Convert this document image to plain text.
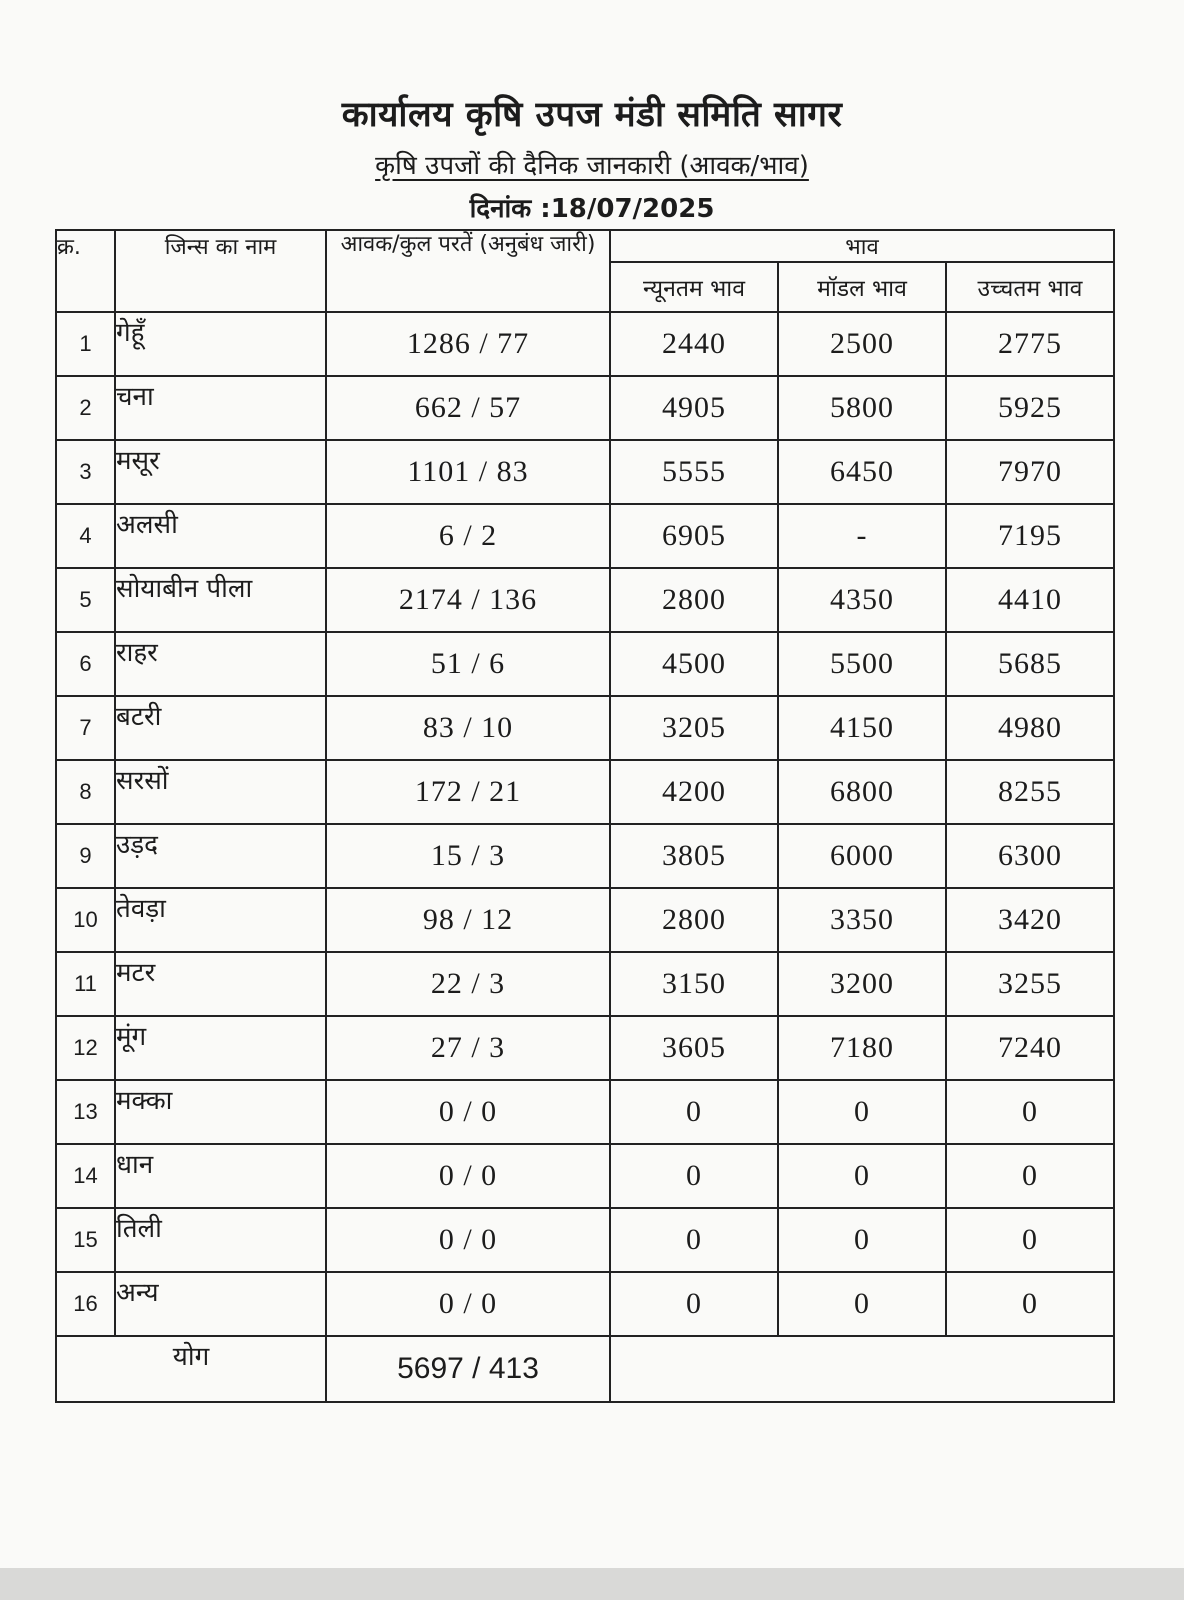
कार्यालय कृषि उपज मंडी समिति सागर
कृषि उपजों की दैनिक जानकारी (आवक/भाव)
दिनांक :18/07/2025
क्र.	जिन्स का नाम	आवक/कुल परतें (अनुबंध जारी)	भाव		
			न्यूनतम भाव	मॉडल भाव	उच्चतम भाव
1	गेहूँ	1286 / 77	2440	2500	2775
2	चना	662 / 57	4905	5800	5925
3	मसूर	1101 / 83	5555	6450	7970
4	अलसी	6 / 2	6905	-	7195
5	सोयाबीन पीला	2174 / 136	2800	4350	4410
6	राहर	51 / 6	4500	5500	5685
7	बटरी	83 / 10	3205	4150	4980
8	सरसों	172 / 21	4200	6800	8255
9	उड़द	15 / 3	3805	6000	6300
10	तेवड़ा	98 / 12	2800	3350	3420
11	मटर	22 / 3	3150	3200	3255
12	मूंग	27 / 3	3605	7180	7240
13	मक्का	0 / 0	0	0	0
14	धान	0 / 0	0	0	0
15	तिली	0 / 0	0	0	0
16	अन्य	0 / 0	0	0	0
योग		5697 / 413			
